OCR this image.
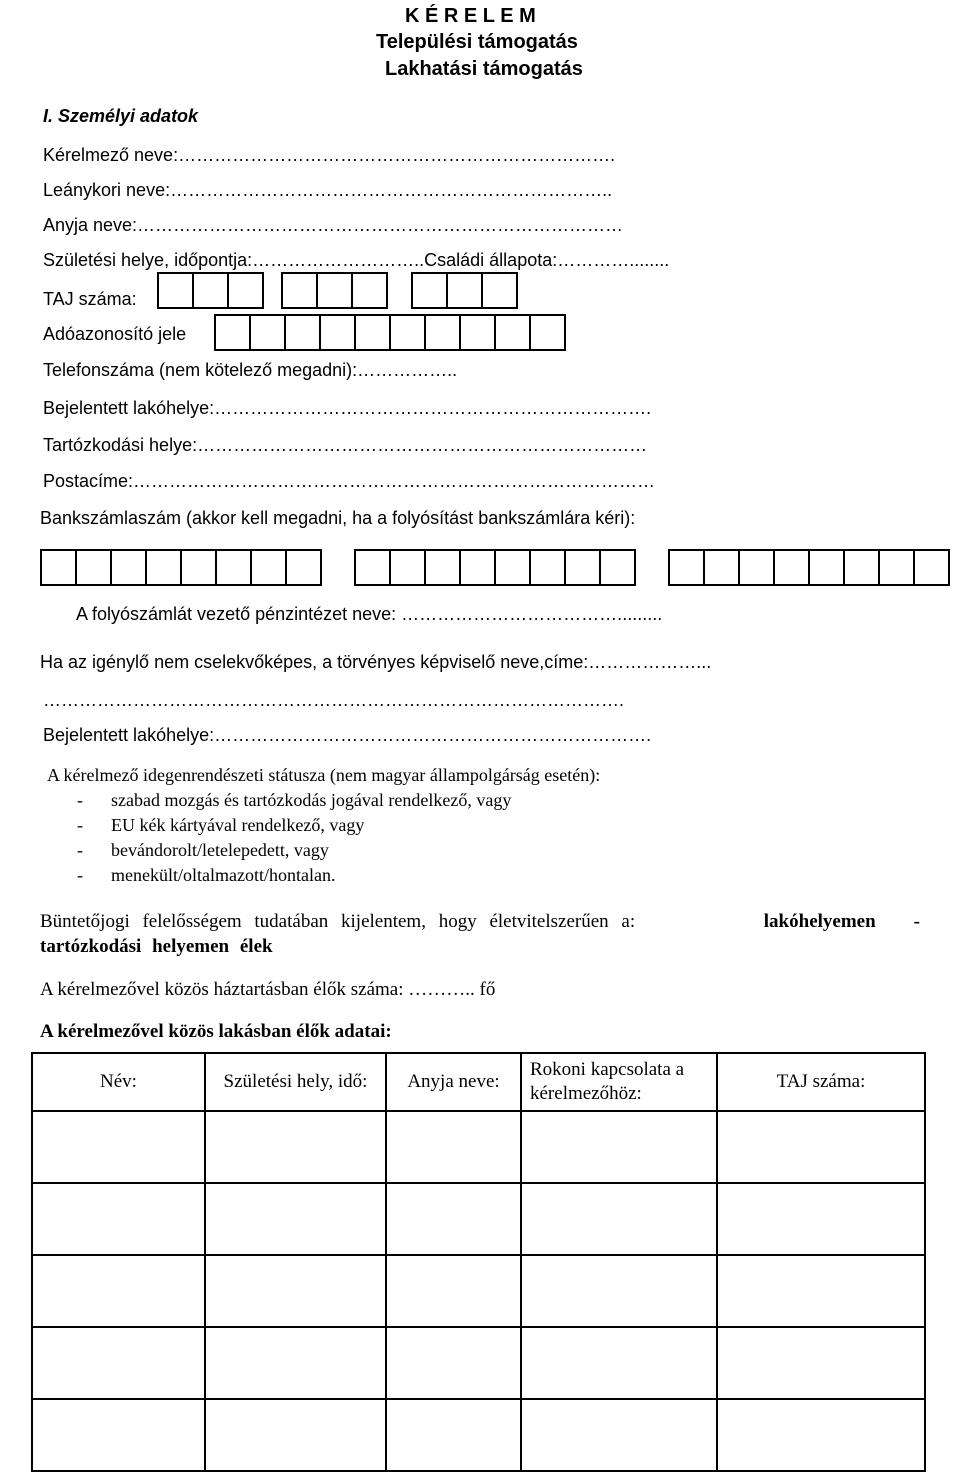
K É R E L E M
Települési támogatás
Lakhatási támogatás
I. Személyi adatok
Kérelmező neve:……………………………………………………………….
Leánykori neve:………………………………………………………………..
Anyja neve:………………………………………………………………………
Születési helye, időpontja:………………………..Családi állapota:…………........
TAJ száma:
Adóazonosító jele
Telefonszáma (nem kötelező megadni):……………..
Bejelentett lakóhelye:……………………………………………………………….
Tartózkodási helye:…………………………………………………………………
Postacíme:……………………………………………………………………………
Bankszámlaszám (akkor kell megadni, ha a folyósítást bankszámlára kéri):
A folyószámlát vezető pénzintézet neve: ……………………………….........
Ha az igénylő nem cselekvőképes, a törvényes képviselő neve,címe:………………...
…………………………………………………………………………………….
Bejelentett lakóhelye:……………………………………………………………….
A kérelmező idegenrendészeti státusza (nem magyar állampolgárság esetén):
- szabad mozgás és tartózkodás jogával rendelkező, vagy
- EU kék kártyával rendelkező, vagy
- bevándorolt/letelepedett, vagy
- menekült/oltalmazott/hontalan.
Büntetőjogi felelősségem tudatában kijelentem, hogy életvitelszerűen a:	lakóhelyemen -
tartózkodási helyemen élek
A kérelmezővel közös háztartásban élők száma: ……….. fő
A kérelmezővel közös lakásban élők adatai:
Név:	Születési hely, idő:	Anyja neve:	Rokoni kapcsolata a kérelmezőhöz:	TAJ száma:
